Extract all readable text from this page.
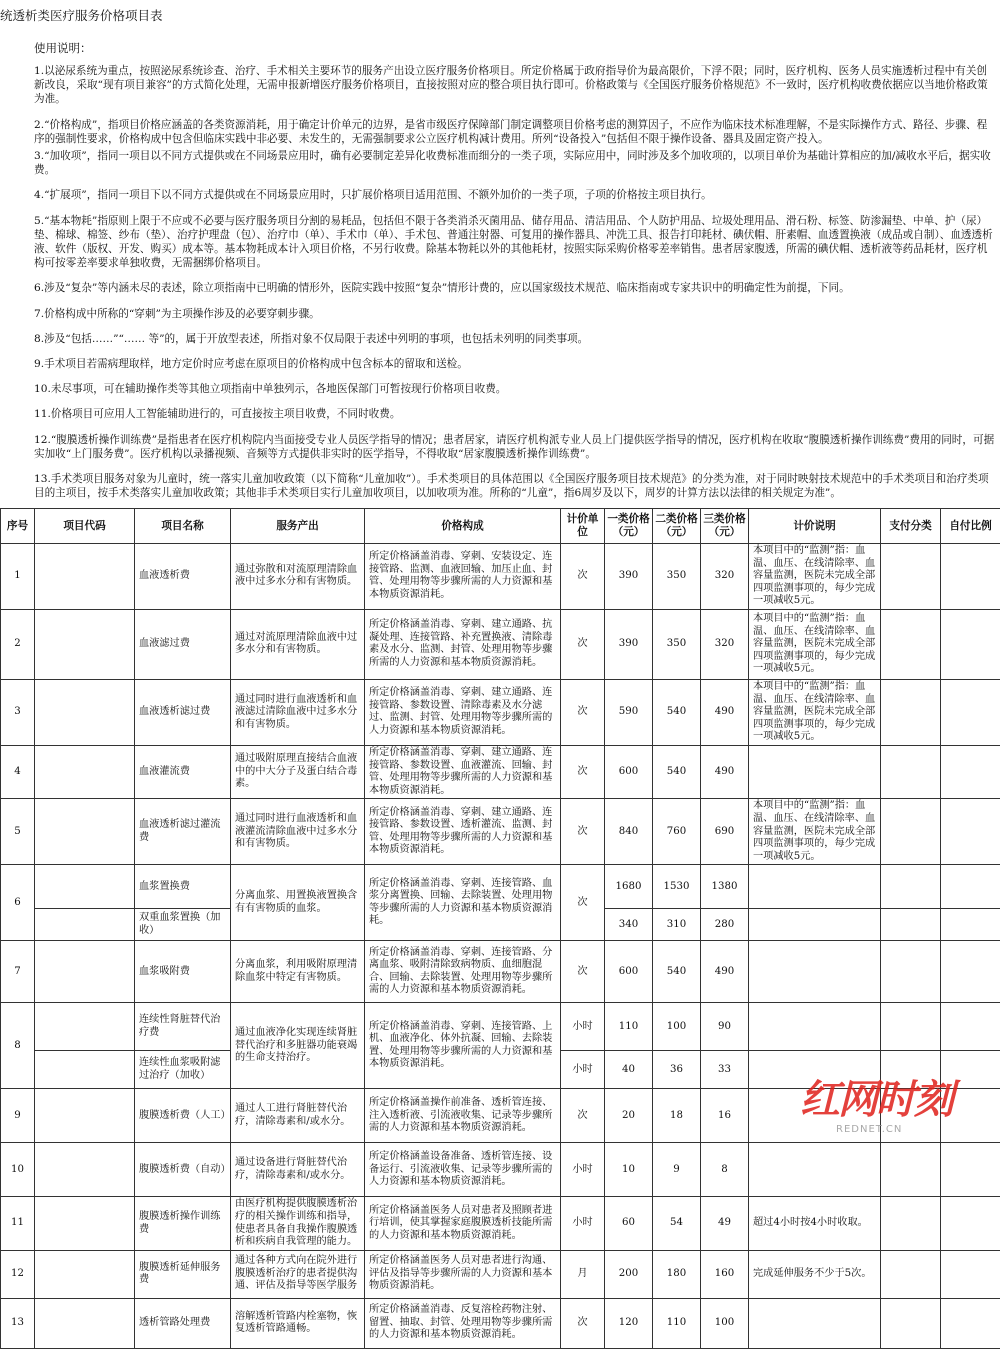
统透析类医疗服务价格项目表
使用说明：

1.以泌尿系统为重点，按照泌尿系统诊查、治疗、手术相关主要环节的服务产出设立医疗服务价格项目。所定价格属于政府指导价为最高限价，下浮不限；同时，医疗机构、医务人员实施透析过程中有关创新改良，采取“现有项目兼容”的方式简化处理，无需申报新增医疗服务价格项目，直接按照对应的整合项目执行即可。价格政策与《全国医疗服务价格规范》不一致时，医疗机构收费依据应以当地价格政策为准。

2.“价格构成”，指项目价格应涵盖的各类资源消耗，用于确定计价单元的边界，是省市级医疗保障部门制定调整项目价格考虑的测算因子，不应作为临床技术标准理解，不是实际操作方式、路径、步骤、程序的强制性要求，价格构成中包含但临床实践中非必要、未发生的，无需强制要求公立医疗机构减计费用。所列“设备投入”包括但不限于操作设备、器具及固定资产投入。

3.“加收项”，指同一项目以不同方式提供或在不同场景应用时，确有必要制定差异化收费标准而细分的一类子项，实际应用中，同时涉及多个加收项的，以项目单价为基础计算相应的加/减收水平后，据实收费。

4.“扩展项”，指同一项目下以不同方式提供或在不同场景应用时，只扩展价格项目适用范围、不额外加价的一类子项，子项的价格按主项目执行。

5.“基本物耗”指原则上限于不应或不必要与医疗服务项目分割的易耗品，包括但不限于各类消杀灭菌用品、储存用品、清洁用品、个人防护用品、垃圾处理用品、滑石粉、标签、防渗漏垫、中单、护（尿）垫、棉球、棉签、纱布（垫）、治疗护理盘（包）、治疗巾（单）、手术巾（单）、手术包、普通注射器、可复用的操作器具、冲洗工具、报告打印耗材、碘伏帽、肝素帽、血透置换液（成品或自制）、血透透析液、软件（版权、开发、购买）成本等。基本物耗成本计入项目价格，不另行收费。除基本物耗以外的其他耗材，按照实际采购价格零差率销售。患者居家腹透，所需的碘伏帽、透析液等药品耗材，医疗机构可按零差率要求单独收费，无需捆绑价格项目。

6.涉及“复杂”等内涵未尽的表述，除立项指南中已明确的情形外，医院实践中按照“复杂”情形计费的，应以国家级技术规范、临床指南或专家共识中的明确定性为前提，下同。

7.价格构成中所称的“穿刺”为主项操作涉及的必要穿刺步骤。

8.涉及“包括……”“…… 等”的，属于开放型表述，所指对象不仅局限于表述中列明的事项，也包括未列明的同类事项。

9.手术项目若需病理取样，地方定价时应考虑在原项目的价格构成中包含标本的留取和送检。

10.未尽事项，可在辅助操作类等其他立项指南中单独列示，各地医保部门可暂按现行价格项目收费。

11.价格项目可应用人工智能辅助进行的，可直接按主项目收费，不同时收费。

12.“腹膜透析操作训练费”是指患者在医疗机构院内当面接受专业人员医学指导的情况；患者居家，请医疗机构派专业人员上门提供医学指导的情况，医疗机构在收取“腹膜透析操作训练费”费用的同时，可据实加收“上门服务费”。医疗机构以录播视频、音频等方式提供非实时的医学指导，不得收取“居家腹膜透析操作训练费”。

13.手术类项目服务对象为儿童时，统一落实儿童加收政策（以下简称“儿童加收”）。手术类项目的具体范围以《全国医疗服务项目技术规范》的分类为准，对于同时映射技术规范中的手术类项目和治疗类项目的主项目，按手术类落实儿童加收政策；其他非手术类项目实行儿童加收项目，以加收项为准。所称的“儿童”，指6周岁及以下，周岁的计算方法以法律的相关规定为准”。

序号	项目代码	项目名称	服务产出	价格构成	计价单位	一类价格（元）	二类价格（元）	三类价格（元）	计价说明	支付分类	自付比例
1		血液透析费	通过弥散和对流原理清除血液中过多水分和有害物质。	所定价格涵盖消毒、穿刺、安装设定、连接管路、监测、血液回输、加压止血、封管、处理用物等步骤所需的人力资源和基本物质资源消耗。	次	390	350	320	本项目中的“监测”指：血温、血压、在线清除率、血容量监测，医院未完成全部四项监测事项的，每少完成一项减收5元。		
2		血液滤过费	通过对流原理清除血液中过多水分和有害物质。	所定价格涵盖消毒、穿刺、建立通路、抗凝处理、连接管路、补充置换液、清除毒素及水分、监测、封管、处理用物等步骤所需的人力资源和基本物质资源消耗。	次	390	350	320	本项目中的“监测”指：血温、血压、在线清除率、血容量监测，医院未完成全部四项监测事项的，每少完成一项减收5元。		
3		血液透析滤过费	通过同时进行血液透析和血液滤过清除血液中过多水分和有害物质。	所定价格涵盖消毒、穿刺、建立通路、连接管路、参数设置、清除毒素及水分滤过、监测、封管、处理用物等步骤所需的人力资源和基本物质资源消耗。	次	590	540	490	本项目中的“监测”指：血温、血压、在线清除率、血容量监测，医院未完成全部四项监测事项的，每少完成一项减收5元。		
4		血液灌流费	通过吸附原理直接结合血液中的中大分子及蛋白结合毒素。	所定价格涵盖消毒、穿刺、建立通路、连接管路、参数设置、血液灌流、回输、封管、处理用物等步骤所需的人力资源和基本物质资源消耗。	次	600	540	490			
5		血液透析滤过灌流费	通过同时进行血液透析和血液灌流清除血液中过多水分和有害物质。	所定价格涵盖消毒、穿刺、建立通路、连接管路、参数设置、透析灌流、监测、封管、处理用物等步骤所需的人力资源和基本物质资源消耗。	次	840	760	690	本项目中的“监测”指：血温、血压、在线清除率、血容量监测，医院未完成全部四项监测事项的，每少完成一项减收5元。		
6		血浆置换费	分离血浆、用置换液置换含有有害物质的血浆。	所定价格涵盖消毒、穿刺、连接管路、血浆分离置换、回输、去除装置、处理用物等步骤所需的人力资源和基本物质资源消耗。	次	1680	1530	1380			
		双重血浆置换（加收）				340	310	280			
7		血浆吸附费	分离血浆，利用吸附原理清除血浆中特定有害物质。	所定价格涵盖消毒、穿刺、连接管路、分离血浆、吸附清除致病物质、血细胞混合、回输、去除装置、处理用物等步骤所需的人力资源和基本物质资源消耗。	次	600	540	490			
8		连续性肾脏替代治疗费	通过血液净化实现连续肾脏替代治疗和多脏器功能衰竭的生命支持治疗。	所定价格涵盖消毒、穿刺、连接管路、上机、血液净化、体外抗凝、回输、去除装置、处理用物等步骤所需的人力资源和基本物质资源消耗。	小时	110	100	90			
		连续性血浆吸附滤过治疗（加收）			小时	40	36	33			
9		腹膜透析费（人工）	通过人工进行肾脏替代治疗，清除毒素和/或水分。	所定价格涵盖操作前准备、透析管连接、注入透析液、引流液收集、记录等步骤所需的人力资源和基本物质资源消耗。	次	20	18	16			
10		腹膜透析费（自动）	通过设备进行肾脏替代治疗，清除毒素和/或水分。	所定价格涵盖设备准备、透析管连接、设备运行、引流液收集、记录等步骤所需的人力资源和基本物质资源消耗。	小时	10	9	8			
11		腹膜透析操作训练费	由医疗机构提供腹膜透析治疗的相关操作训练和指导，使患者具备自我操作腹膜透析和疾病自我管理的能力。	所定价格涵盖医务人员对患者及照顾者进行培训，使其掌握家庭腹膜透析技能所需的人力资源和基本物质资源消耗。	小时	60	54	49	超过4小时按4小时收取。		
12		腹膜透析延伸服务费	通过各种方式向在院外进行腹膜透析治疗的患者提供沟通、评估及指导等医学服务	所定价格涵盖医务人员对患者进行沟通、评估及指导等步骤所需的人力资源和基本物质资源消耗。	月	200	180	160	完成延伸服务不少于5次。		
13		透析管路处理费	溶解透析管路内栓塞物，恢复透析管路通畅。	所定价格涵盖消毒、反复溶栓药物注射、留置、抽取、封管、处理用物等步骤所需的人力资源和基本物质资源消耗。	次	120	110	100			
红网时刻
REDNET.CN
